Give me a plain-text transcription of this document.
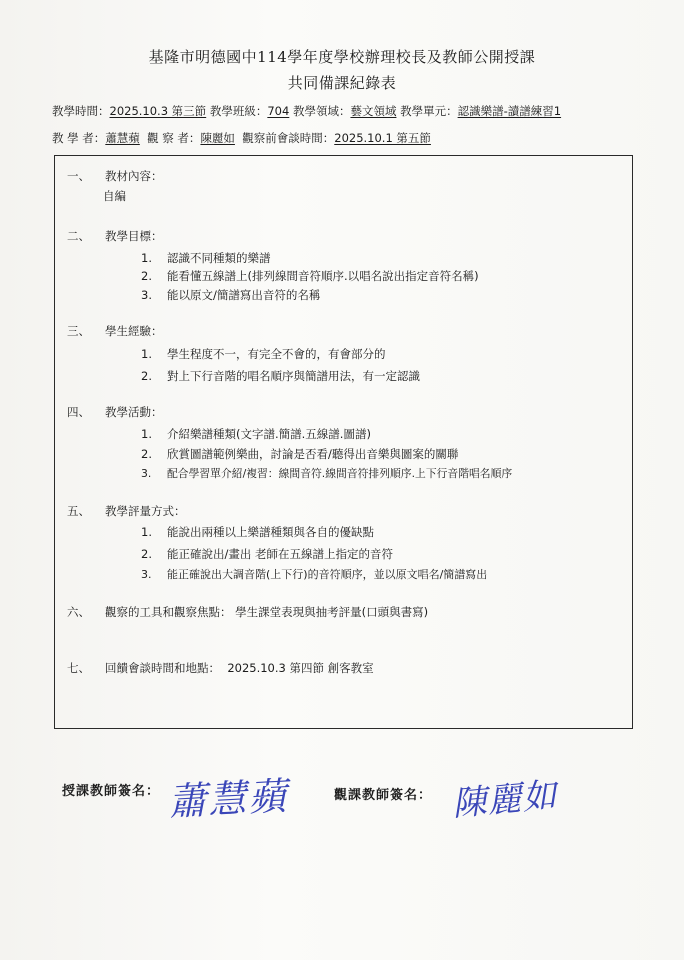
基隆市明德國中114學年度學校辦理校長及教師公開授課
共同備課紀錄表
教學時間：2025.10.3 第三節 教學班級：704 教學領域：藝文領域 教學單元：認識樂譜-讀譜練習1
教 學 者：蕭慧蘋 觀 察 者：陳麗如 觀察前會談時間：2025.10.1 第五節
一、 教材內容：
自編
二、 教學目標：
1. 認識不同種類的樂譜
2. 能看懂五線譜上(排列線間音符順序.以唱名說出指定音符名稱)
3. 能以原文/簡譜寫出音符的名稱
三、 學生經驗：
1. 學生程度不一，有完全不會的，有會部分的
2. 對上下行音階的唱名順序與簡譜用法，有一定認識
四、 教學活動：
1. 介紹樂譜種類(文字譜.簡譜.五線譜.圖譜)
2. 欣賞圖譜範例樂曲，討論是否看/聽得出音樂與圖案的關聯
3. 配合學習單介紹/複習：線間音符.線間音符排列順序.上下行音階唱名順序
五、 教學評量方式：
1. 能說出兩種以上樂譜種類與各自的優缺點
2. 能正確說出/畫出 老師在五線譜上指定的音符
3. 能正確說出大調音階(上下行)的音符順序，並以原文唱名/簡譜寫出
六、 觀察的工具和觀察焦點： 學生課堂表現與抽考評量(口頭與書寫)
七、 回饋會談時間和地點： 2025.10.3 第四節 創客教室
授課教師簽名： 蕭慧蘋	觀課教師簽名： 陳麗如
